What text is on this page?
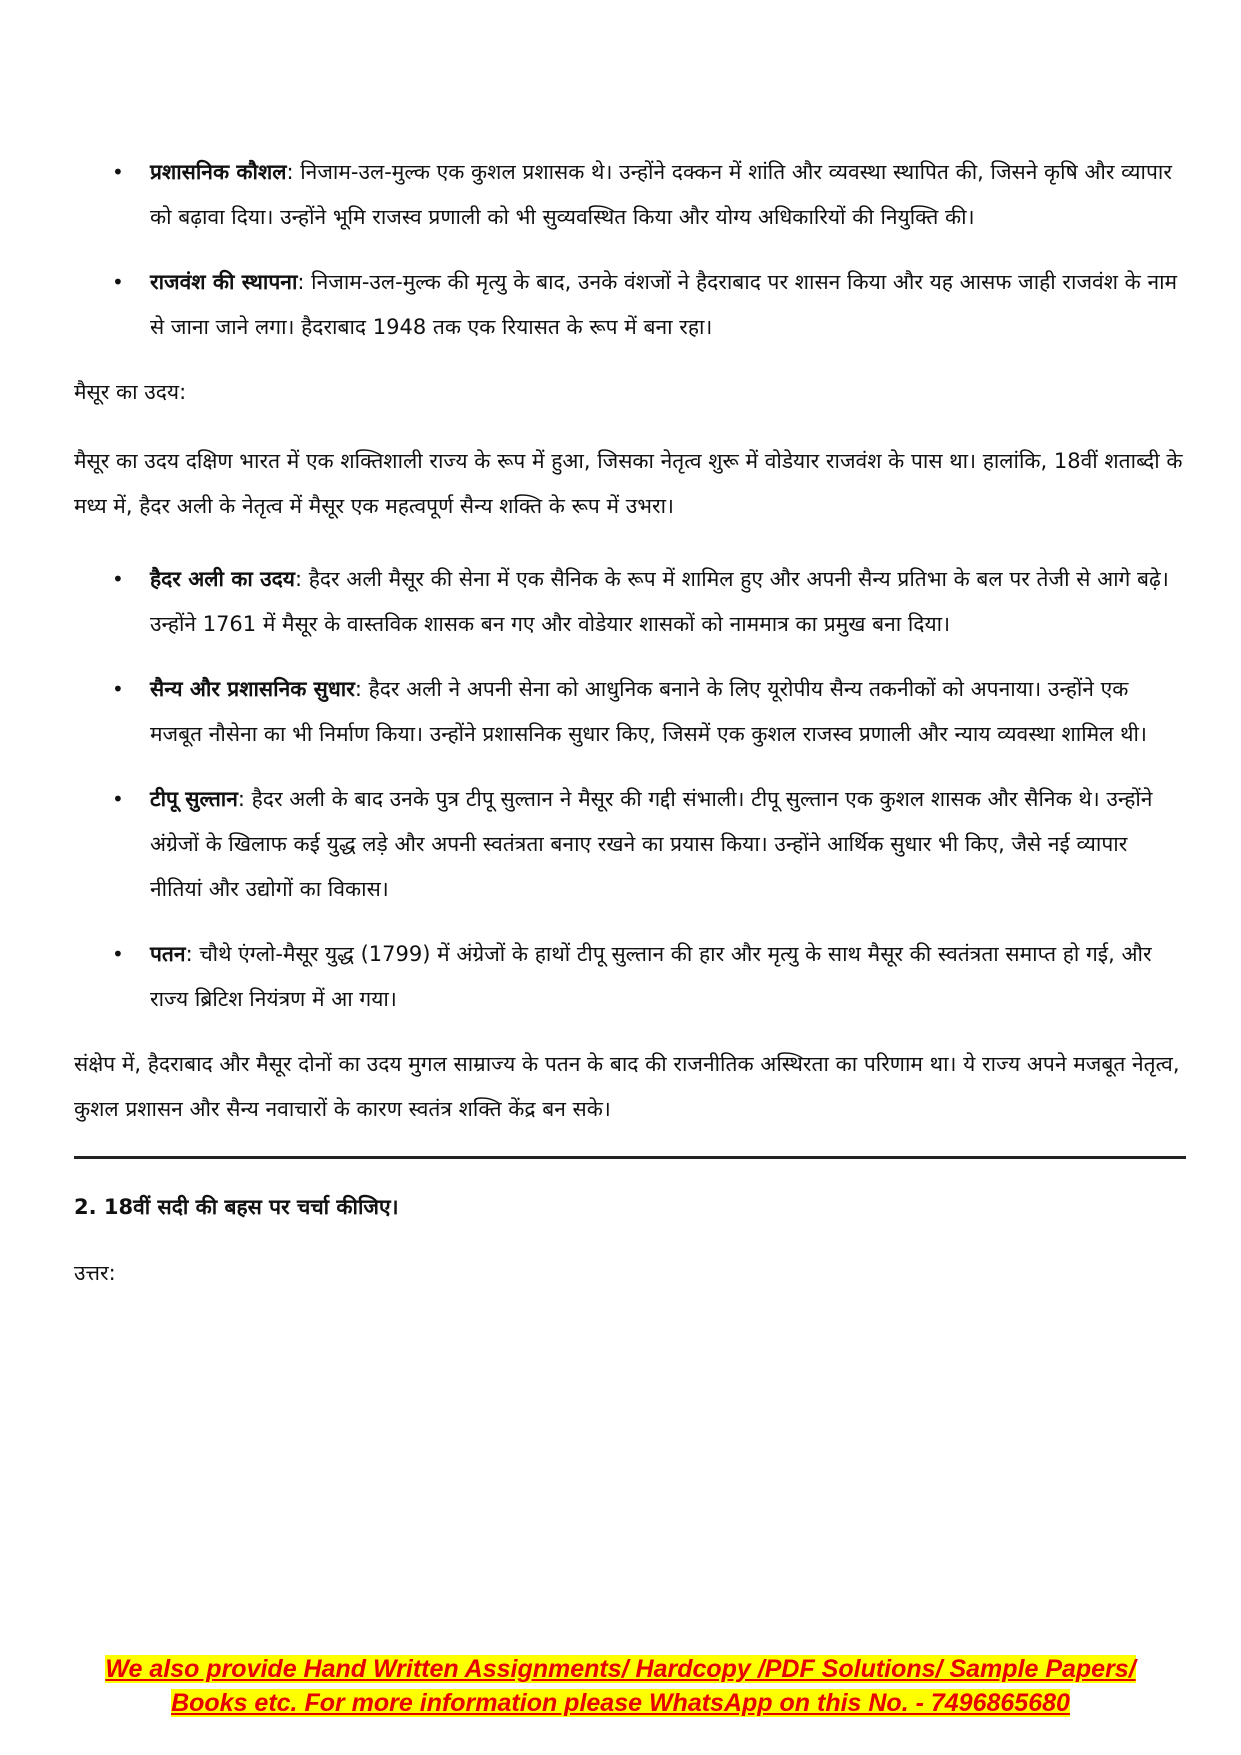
• प्रशासनिक कौशल: निजाम-उल-मुल्क एक कुशल प्रशासक थे। उन्होंने दक्कन में शांति और व्यवस्था स्थापित की, जिसने कृषि और व्यापार को बढ़ावा दिया। उन्होंने भूमि राजस्व प्रणाली को भी सुव्यवस्थित किया और योग्य अधिकारियों की नियुक्ति की।
• राजवंश की स्थापना: निजाम-उल-मुल्क की मृत्यु के बाद, उनके वंशजों ने हैदराबाद पर शासन किया और यह आसफ जाही राजवंश के नाम से जाना जाने लगा। हैदराबाद 1948 तक एक रियासत के रूप में बना रहा।

मैसूर का उदय:

मैसूर का उदय दक्षिण भारत में एक शक्तिशाली राज्य के रूप में हुआ, जिसका नेतृत्व शुरू में वोडेयार राजवंश के पास था। हालांकि, 18वीं शताब्दी के मध्य में, हैदर अली के नेतृत्व में मैसूर एक महत्वपूर्ण सैन्य शक्ति के रूप में उभरा।

• हैदर अली का उदय: हैदर अली मैसूर की सेना में एक सैनिक के रूप में शामिल हुए और अपनी सैन्य प्रतिभा के बल पर तेजी से आगे बढ़े। उन्होंने 1761 में मैसूर के वास्तविक शासक बन गए और वोडेयार शासकों को नाममात्र का प्रमुख बना दिया।
• सैन्य और प्रशासनिक सुधार: हैदर अली ने अपनी सेना को आधुनिक बनाने के लिए यूरोपीय सैन्य तकनीकों को अपनाया। उन्होंने एक मजबूत नौसेना का भी निर्माण किया। उन्होंने प्रशासनिक सुधार किए, जिसमें एक कुशल राजस्व प्रणाली और न्याय व्यवस्था शामिल थी।
• टीपू सुल्तान: हैदर अली के बाद उनके पुत्र टीपू सुल्तान ने मैसूर की गद्दी संभाली। टीपू सुल्तान एक कुशल शासक और सैनिक थे। उन्होंने अंग्रेजों के खिलाफ कई युद्ध लड़े और अपनी स्वतंत्रता बनाए रखने का प्रयास किया। उन्होंने आर्थिक सुधार भी किए, जैसे नई व्यापार नीतियां और उद्योगों का विकास।
• पतन: चौथे एंग्लो-मैसूर युद्ध (1799) में अंग्रेजों के हाथों टीपू सुल्तान की हार और मृत्यु के साथ मैसूर की स्वतंत्रता समाप्त हो गई, और राज्य ब्रिटिश नियंत्रण में आ गया।

संक्षेप में, हैदराबाद और मैसूर दोनों का उदय मुगल साम्राज्य के पतन के बाद की राजनीतिक अस्थिरता का परिणाम था। ये राज्य अपने मजबूत नेतृत्व, कुशल प्रशासन और सैन्य नवाचारों के कारण स्वतंत्र शक्ति केंद्र बन सके।

2. 18वीं सदी की बहस पर चर्चा कीजिए।

उत्तर:

We also provide Hand Written Assignments/ Hardcopy /PDF Solutions/ Sample Papers/
Books etc. For more information please WhatsApp on this No. - 7496865680
